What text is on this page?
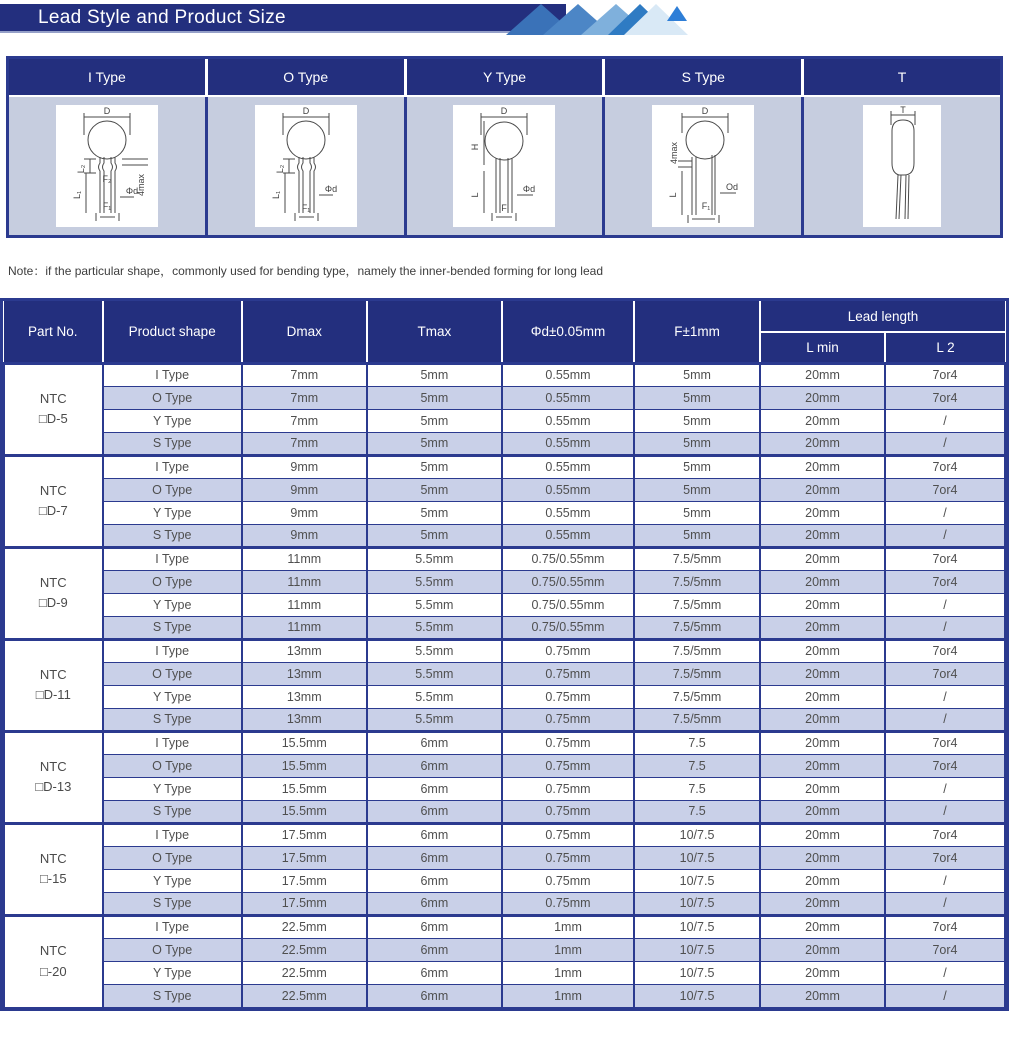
Lead Style and Product Size
I Type	O Type	Y Type	S Type	T
D
4max
L₂
F₂
L₁	Φd
F₁
D
L₂
L₁
Φd
F₁
D
H
L
Φd
F
D
4max
L
Od
F₁
T
Note：if the particular shape，commonly used for bending type，namely the inner-bended forming for long lead
Part No.	Product shape	Dmax	Tmax	Φd±0.05mm	F±1mm	Lead length	
						L min	L 2

NTC
□D-5	I Type	7mm	5mm	0.55mm	5mm	20mm	7or4
	O Type	7mm	5mm	0.55mm	5mm	20mm	7or4
	Y Type	7mm	5mm	0.55mm	5mm	20mm	/
	S Type	7mm	5mm	0.55mm	5mm	20mm	/

NTC
□D-7	I Type	9mm	5mm	0.55mm	5mm	20mm	7or4
	O Type	9mm	5mm	0.55mm	5mm	20mm	7or4
	Y Type	9mm	5mm	0.55mm	5mm	20mm	/
	S Type	9mm	5mm	0.55mm	5mm	20mm	/

NTC
□D-9	I Type	11mm	5.5mm	0.75/0.55mm	7.5/5mm	20mm	7or4
	O Type	11mm	5.5mm	0.75/0.55mm	7.5/5mm	20mm	7or4
	Y Type	11mm	5.5mm	0.75/0.55mm	7.5/5mm	20mm	/
	S Type	11mm	5.5mm	0.75/0.55mm	7.5/5mm	20mm	/

NTC
□D-11	I Type	13mm	5.5mm	0.75mm	7.5/5mm	20mm	7or4
	O Type	13mm	5.5mm	0.75mm	7.5/5mm	20mm	7or4
	Y Type	13mm	5.5mm	0.75mm	7.5/5mm	20mm	/
	S Type	13mm	5.5mm	0.75mm	7.5/5mm	20mm	/

NTC
□D-13	I Type	15.5mm	6mm	0.75mm	7.5	20mm	7or4
	O Type	15.5mm	6mm	0.75mm	7.5	20mm	7or4
	Y Type	15.5mm	6mm	0.75mm	7.5	20mm	/
	S Type	15.5mm	6mm	0.75mm	7.5	20mm	/

NTC
□-15	I Type	17.5mm	6mm	0.75mm	10/7.5	20mm	7or4
	O Type	17.5mm	6mm	0.75mm	10/7.5	20mm	7or4
	Y Type	17.5mm	6mm	0.75mm	10/7.5	20mm	/
	S Type	17.5mm	6mm	0.75mm	10/7.5	20mm	/

NTC
□-20	I Type	22.5mm	6mm	1mm	10/7.5	20mm	7or4
	O Type	22.5mm	6mm	1mm	10/7.5	20mm	7or4
	Y Type	22.5mm	6mm	1mm	10/7.5	20mm	/
	S Type	22.5mm	6mm	1mm	10/7.5	20mm	/
